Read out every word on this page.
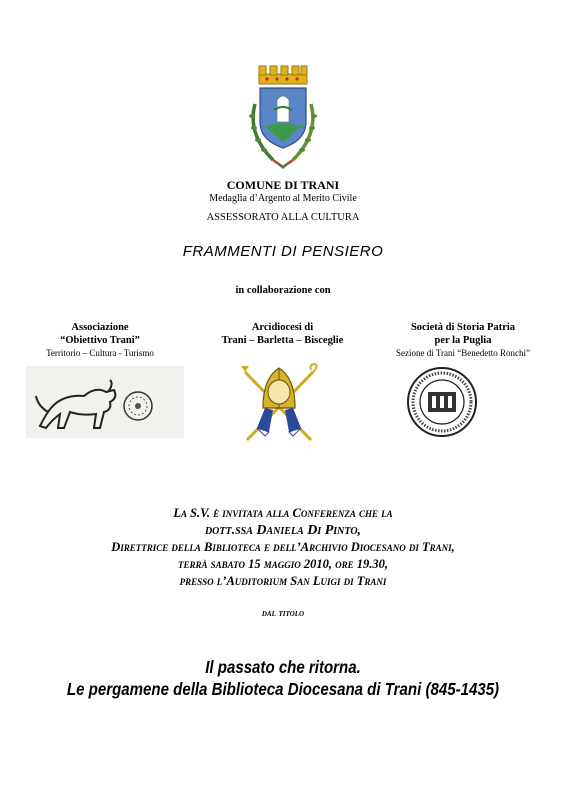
COMUNE DI TRANI
Medaglia d’Argento al Merito Civile
ASSESSORATO ALLA CULTURA
FRAMMENTI DI PENSIERO
in collaborazione con
Associazione
“Obiettivo Trani”
Territorio – Cultura - Turismo
Arcidiocesi di
Trani – Barletta – Bisceglie
Società di Storia Patria
per la Puglia
Sezione di Trani “Benedetto Ronchi”
La S.V. è invitata alla Conferenza che la
dott.ssa Daniela Di Pinto,
Direttrice della Biblioteca e dell’Archivio Diocesano di Trani,
terrà sabato 15 maggio 2010, ore 19.30,
presso l’Auditorium San Luigi di Trani
dal titolo
Il passato che ritorna.
Le pergamene della Biblioteca Diocesana di Trani (845-1435)
